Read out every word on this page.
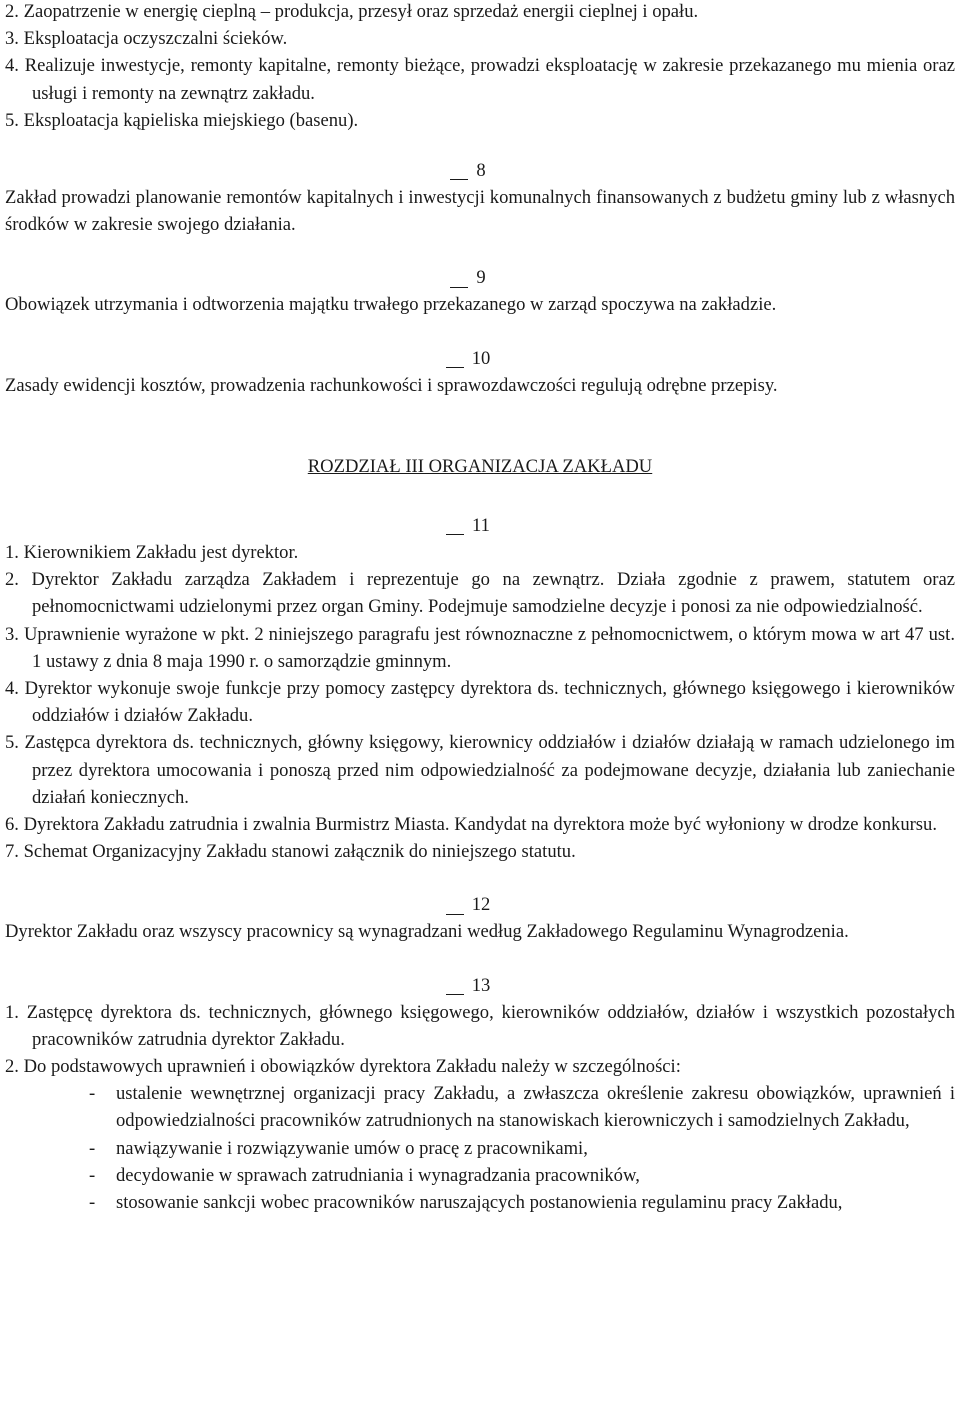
2. Zaopatrzenie w energię cieplną – produkcja, przesył oraz sprzedaż energii cieplnej i opału.

3. Eksploatacja oczyszczalni ścieków.

4. Realizuje inwestycje, remonty kapitalne, remonty bieżące, prowadzi eksploatację w zakresie przekazanego mu mienia oraz usługi i remonty na zewnątrz zakładu.

5. Eksploatacja kąpieliska miejskiego (basenu).

8

Zakład prowadzi planowanie remontów kapitalnych i inwestycji komunalnych finansowanych z budżetu gminy lub z własnych środków w zakresie swojego działania.

9

Obowiązek utrzymania i odtworzenia majątku trwałego przekazanego w zarząd spoczywa na zakładzie.

10

Zasady ewidencji kosztów, prowadzenia rachunkowości i sprawozdawczości regulują odrębne przepisy.

ROZDZIAŁ III ORGANIZACJA ZAKŁADU

11

1. Kierownikiem Zakładu jest dyrektor.

2. Dyrektor Zakładu zarządza Zakładem i reprezentuje go na zewnątrz. Działa zgodnie z prawem, statutem oraz pełnomocnictwami udzielonymi przez organ Gminy. Podejmuje samodzielne decyzje i ponosi za nie odpowiedzialność.

3. Uprawnienie wyrażone w pkt. 2 niniejszego paragrafu jest równoznaczne z pełnomocnictwem, o którym mowa w art 47 ust. 1 ustawy z dnia 8 maja 1990 r. o samorządzie gminnym.

4. Dyrektor wykonuje swoje funkcje przy pomocy zastępcy dyrektora ds. technicznych, głównego księgowego i kierowników oddziałów i działów Zakładu.

5. Zastępca dyrektora ds. technicznych, główny księgowy, kierownicy oddziałów i działów działają w ramach udzielonego im przez dyrektora umocowania i ponoszą przed nim odpowiedzialność za podejmowane decyzje, działania lub zaniechanie działań koniecznych.

6. Dyrektora Zakładu zatrudnia i zwalnia Burmistrz Miasta. Kandydat na dyrektora może być wyłoniony w drodze konkursu.

7. Schemat Organizacyjny Zakładu stanowi załącznik do niniejszego statutu.

12

Dyrektor Zakładu oraz wszyscy pracownicy są wynagradzani według Zakładowego Regulaminu Wynagrodzenia.

13

1. Zastępcę dyrektora ds. technicznych, głównego księgowego, kierowników oddziałów, działów i wszystkich pozostałych pracowników zatrudnia dyrektor Zakładu.

2. Do podstawowych uprawnień i obowiązków dyrektora Zakładu należy w szczególności:

- ustalenie wewnętrznej organizacji pracy Zakładu, a zwłaszcza określenie zakresu obowiązków, uprawnień i odpowiedzialności pracowników zatrudnionych na stanowiskach kierowniczych i samodzielnych Zakładu,

- nawiązywanie i rozwiązywanie umów o pracę z pracownikami,

- decydowanie w sprawach zatrudniania i wynagradzania pracowników,

- stosowanie sankcji wobec pracowników naruszających postanowienia regulaminu pracy Zakładu,
